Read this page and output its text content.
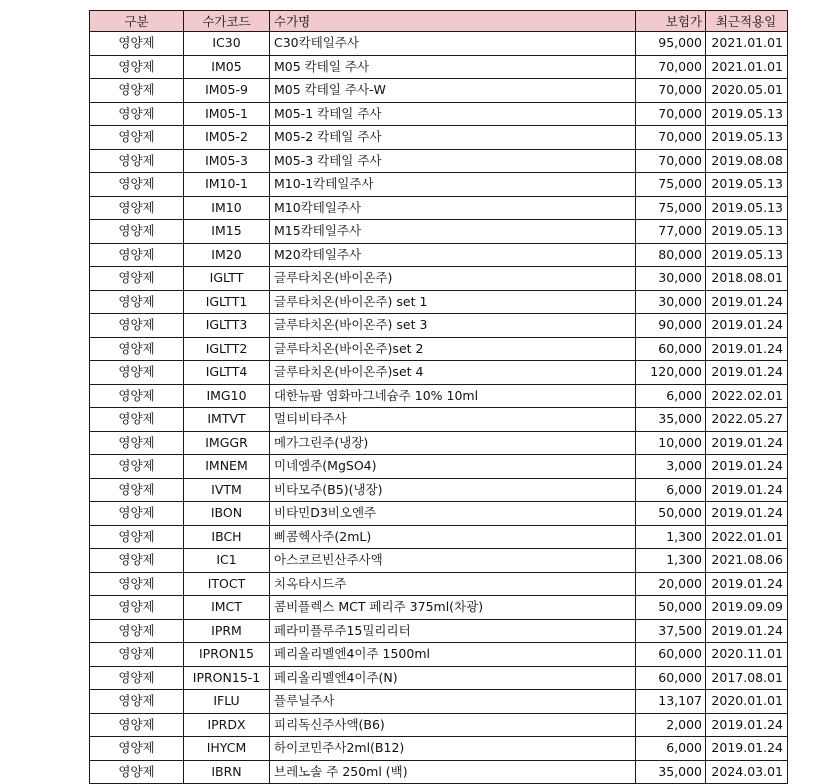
구분	수가코드	수가명	보험가	최근적용일
영양제	IC30	C30칵테일주사	95,000	2021.01.01
영양제	IM05	M05 칵테일 주사	70,000	2021.01.01
영양제	IM05-9	M05 칵테일 주사-W	70,000	2020.05.01
영양제	IM05-1	M05-1 칵테일 주사	70,000	2019.05.13
영양제	IM05-2	M05-2 칵테일 주사	70,000	2019.05.13
영양제	IM05-3	M05-3 칵테일 주사	70,000	2019.08.08
영양제	IM10-1	M10-1칵테일주사	75,000	2019.05.13
영양제	IM10	M10칵테일주사	75,000	2019.05.13
영양제	IM15	M15칵테일주사	77,000	2019.05.13
영양제	IM20	M20칵테일주사	80,000	2019.05.13
영양제	IGLTT	글루타치온(바이온주)	30,000	2018.08.01
영양제	IGLTT1	글루타치온(바이온주) set 1	30,000	2019.01.24
영양제	IGLTT3	글루타치온(바이온주) set 3	90,000	2019.01.24
영양제	IGLTT2	글루타치온(바이온주)set 2	60,000	2019.01.24
영양제	IGLTT4	글루타치온(바이온주)set 4	120,000	2019.01.24
영양제	IMG10	대한뉴팜 염화마그네슘주 10% 10ml	6,000	2022.02.01
영양제	IMTVT	멀티비타주사	35,000	2022.05.27
영양제	IMGGR	메가그린주(냉장)	10,000	2019.01.24
영양제	IMNEM	미네엠주(MgSO4)	3,000	2019.01.24
영양제	IVTM	비타모주(B5)(냉장)	6,000	2019.01.24
영양제	IBON	비타민D3비오엔주	50,000	2019.01.24
영양제	IBCH	삐콤헥사주(2mL)	1,300	2022.01.01
영양제	IC1	아스코르빈산주사액	1,300	2021.08.06
영양제	ITOCT	치옥타시드주	20,000	2019.01.24
영양제	IMCT	콤비플렉스 MCT 페리주 375ml(차광)	50,000	2019.09.09
영양제	IPRM	페라미플루주15밀리리터	37,500	2019.01.24
영양제	IPRON15	페리올리멜엔4이주 1500ml	60,000	2020.11.01
영양제	IPRON15-1	페리올리멜엔4이주(N)	60,000	2017.08.01
영양제	IFLU	플루닐주사	13,107	2020.01.01
영양제	IPRDX	피리독신주사액(B6)	2,000	2019.01.24
영양제	IHYCM	하이코민주사2ml(B12)	6,000	2019.01.24
영양제	IBRN	브레노솔 주 250ml (백)	35,000	2024.03.01
